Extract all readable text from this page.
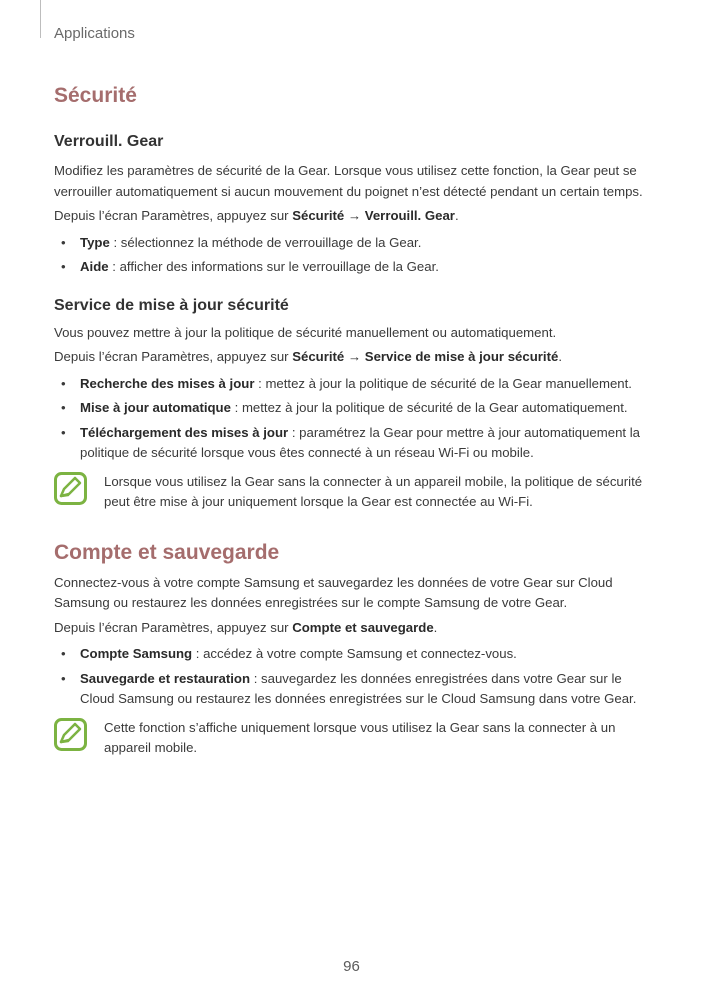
Applications
Sécurité
Verrouill. Gear

Modifiez les paramètres de sécurité de la Gear. Lorsque vous utilisez cette fonction, la Gear peut se verrouiller automatiquement si aucun mouvement du poignet n’est détecté pendant un certain temps.

Depuis l’écran Paramètres, appuyez sur Sécurité → Verrouill. Gear.

• Type : sélectionnez la méthode de verrouillage de la Gear.
• Aide : afficher des informations sur le verrouillage de la Gear.
Service de mise à jour sécurité

Vous pouvez mettre à jour la politique de sécurité manuellement ou automatiquement.

Depuis l’écran Paramètres, appuyez sur Sécurité → Service de mise à jour sécurité.

• Recherche des mises à jour : mettez à jour la politique de sécurité de la Gear manuellement.
• Mise à jour automatique : mettez à jour la politique de sécurité de la Gear automatiquement.
• Téléchargement des mises à jour : paramétrez la Gear pour mettre à jour automatiquement la politique de sécurité lorsque vous êtes connecté à un réseau Wi-Fi ou mobile.

Lorsque vous utilisez la Gear sans la connecter à un appareil mobile, la politique de sécurité peut être mise à jour uniquement lorsque la Gear est connectée au Wi-Fi.

Compte et sauvegarde

Connectez-vous à votre compte Samsung et sauvegardez les données de votre Gear sur Cloud Samsung ou restaurez les données enregistrées sur le compte Samsung de votre Gear.

Depuis l’écran Paramètres, appuyez sur Compte et sauvegarde.

• Compte Samsung : accédez à votre compte Samsung et connectez-vous.
• Sauvegarde et restauration : sauvegardez les données enregistrées dans votre Gear sur le Cloud Samsung ou restaurez les données enregistrées sur le Cloud Samsung dans votre Gear.

Cette fonction s’affiche uniquement lorsque vous utilisez la Gear sans la connecter à un appareil mobile.

96
